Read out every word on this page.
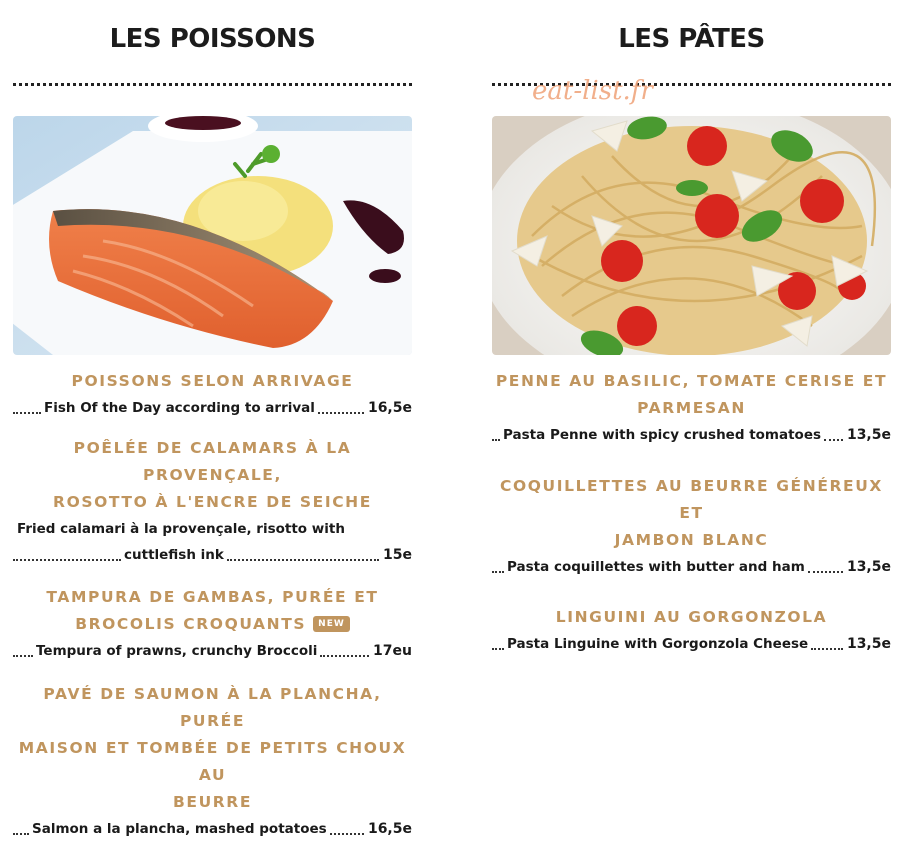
LES POISSONS

POISSONS SELON ARRIVAGE

Fish Of the Day according to arrival	16,5e

POÊLÉE DE CALAMARS À LA PROVENÇALE,

ROSOTTO À L'ENCRE DE SEICHE

Fried calamari à la provençale, risotto with
cuttlefish ink	15e

TAMPURA DE GAMBAS, PURÉE ET

BROCOLIS CROQUANTS NEW

Tempura of prawns, crunchy Broccoli	17eu

PAVÉ DE SAUMON À LA PLANCHA, PURÉE

MAISON ET TOMBÉE DE PETITS CHOUX AU

BEURRE

Salmon a la plancha, mashed potatoes	16,5e
LES PÂTES

PENNE AU BASILIC, TOMATE CERISE ET

PARMESAN

Pasta Penne with spicy crushed tomatoes 13,5e

COQUILLETTES AU BEURRE GÉNÉREUX ET

JAMBON BLANC

Pasta coquillettes with butter and ham	13,5e

LINGUINI AU GORGONZOLA

Pasta Linguine with Gorgonzola Cheese	13,5e
eat-list.fr
